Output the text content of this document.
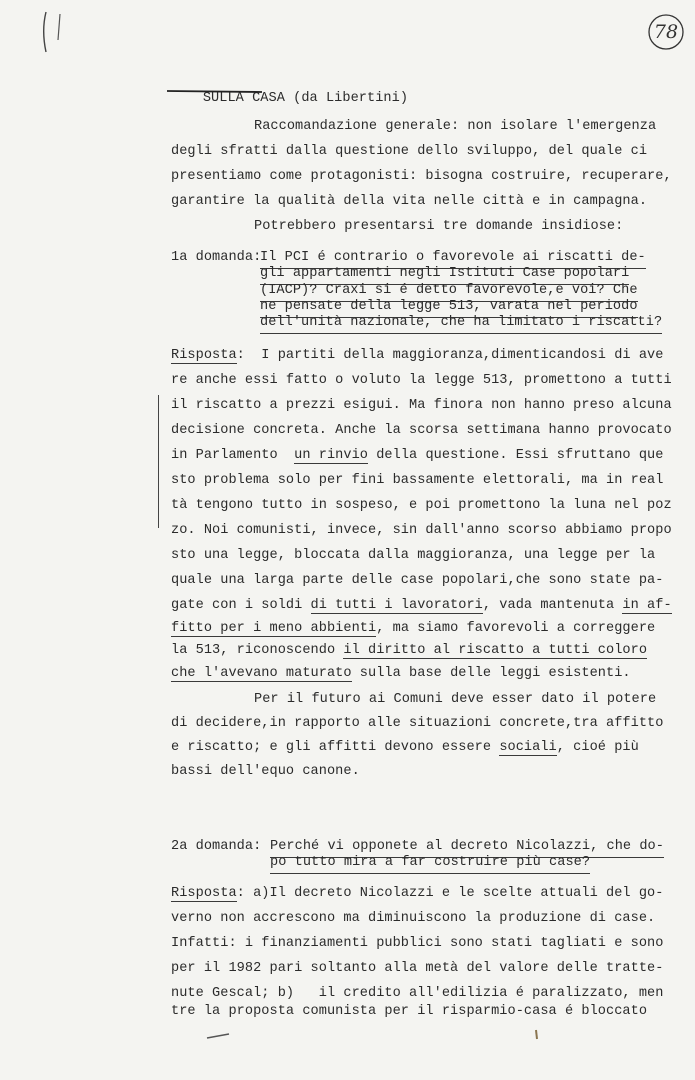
78

SULLA CASA (da Libertini)

Raccomandazione generale: non isolare l'emergenza
degli sfratti dalla questione dello sviluppo, del quale ci
presentiamo come protagonisti: bisogna costruire, recuperare,
garantire la qualità della vita nelle città e in campagna.
Potrebbero presentarsi tre domande insidiose:
1a domanda:
Il PCI é contrario o favorevole ai riscatti de-
gli appartamenti negli Istituti Case popolari
(IACP)? Craxi si é detto favorevole,e voi? Che
ne pensate della legge 513, varata nel periodo
dell'unità nazionale, che ha limitato i riscatti?
Risposta:  I partiti della maggioranza,dimenticandosi di ave
re anche essi fatto o voluto la legge 513, promettono a tutti
il riscatto a prezzi esigui. Ma finora non hanno preso alcuna
decisione concreta. Anche la scorsa settimana hanno provocato
in Parlamento  un rinvio della questione. Essi sfruttano que
sto problema solo per fini bassamente elettorali, ma in real
tà tengono tutto in sospeso, e poi promettono la luna nel poz
zo. Noi comunisti, invece, sin dall'anno scorso abbiamo propo
sto una legge, bloccata dalla maggioranza, una legge per la
quale una larga parte delle case popolari,che sono state pa-
gate con i soldi di tutti i lavoratori, vada mantenuta in af-
fitto per i meno abbienti, ma siamo favorevoli a correggere
la 513, riconoscendo il diritto al riscatto a tutti coloro
che l'avevano maturato sulla base delle leggi esistenti.
Per il futuro ai Comuni deve esser dato il potere
di decidere,in rapporto alle situazioni concrete,tra affitto
e riscatto; e gli affitti devono essere sociali, cioé più
bassi dell'equo canone.
2a domanda: Perché vi opponete al decreto Nicolazzi, che do-
po tutto mira a far costruire più case?
Risposta: a)Il decreto Nicolazzi e le scelte attuali del go-
verno non accrescono ma diminuiscono la produzione di case.
Infatti: i finanziamenti pubblici sono stati tagliati e sono
per il 1982 pari soltanto alla metà del valore delle tratte-
nute Gescal; b)   il credito all'edilizia é paralizzato, men
tre la proposta comunista per il risparmio-casa é bloccato
